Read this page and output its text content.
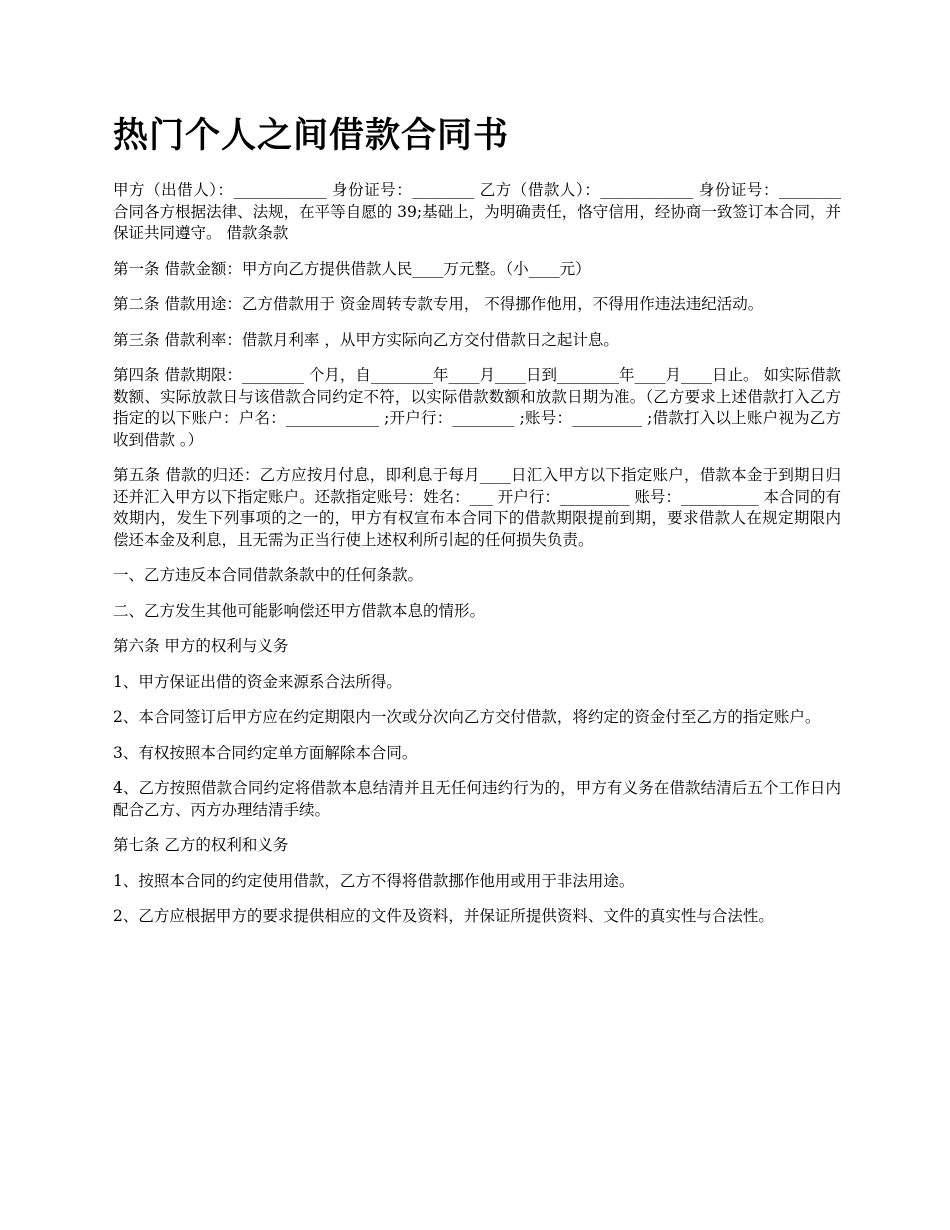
热门个人之间借款合同书

甲方（出借人）：____________ 身份证号：________ 乙方（借款人）：____________ 身份证号：________ 合同各方根据法律、法规，在平等自愿的 39;基础上，为明确责任，恪守信用，经协商一致签订本合同，并保证共同遵守。 借款条款

第一条 借款金额：甲方向乙方提供借款人民____万元整。（小____元）

第二条 借款用途：乙方借款用于 资金周转专款专用， 不得挪作他用，不得用作违法违纪活动。

第三条 借款利率：借款月利率 ，从甲方实际向乙方交付借款日之起计息。

第四条 借款期限：________ 个月，自________年____月____日到________年____月____日止。 如实际借款数额、实际放款日与该借款合同约定不符，以实际借款数额和放款日期为准。（乙方要求上述借款打入乙方指定的以下账户：户名：____________ ;开户行：________ ;账号：_________ ;借款打入以上账户视为乙方收到借款 。）

第五条 借款的归还：乙方应按月付息，即利息于每月____日汇入甲方以下指定账户，借款本金于到期日归还并汇入甲方以下指定账户。还款指定账号：姓名：___ 开户行：_________ 账号：__________ 本合同的有效期内，发生下列事项的之一的，甲方有权宣布本合同下的借款期限提前到期，要求借款人在规定期限内偿还本金及利息，且无需为正当行使上述权利所引起的任何损失负责。

一、乙方违反本合同借款条款中的任何条款。

二、乙方发生其他可能影响偿还甲方借款本息的情形。

第六条 甲方的权利与义务

1、甲方保证出借的资金来源系合法所得。

2、本合同签订后甲方应在约定期限内一次或分次向乙方交付借款，将约定的资金付至乙方的指定账户。

3、有权按照本合同约定单方面解除本合同。

4、乙方按照借款合同约定将借款本息结清并且无任何违约行为的，甲方有义务在借款结清后五个工作日内配合乙方、丙方办理结清手续。

第七条 乙方的权利和义务

1、按照本合同的约定使用借款，乙方不得将借款挪作他用或用于非法用途。

2、乙方应根据甲方的要求提供相应的文件及资料，并保证所提供资料、文件的真实性与合法性。
